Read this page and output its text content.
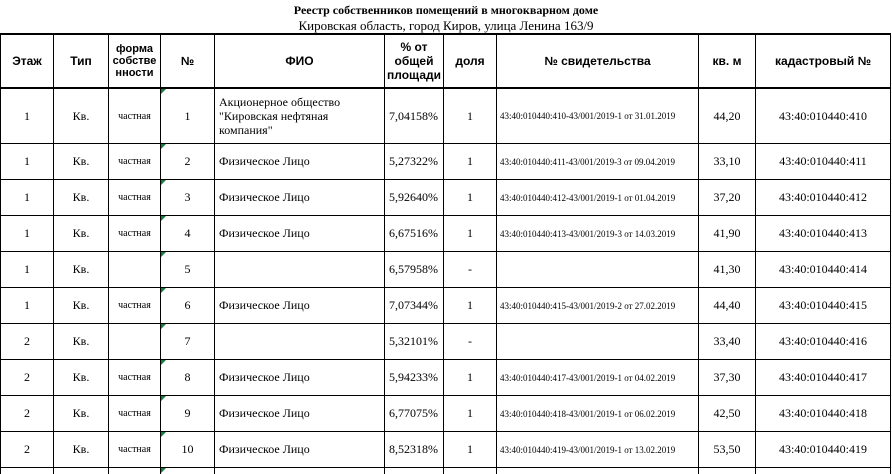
Реестр собственников помещений в многокварном доме
Кировская область, город Киров, улица Ленина 163/9
Этаж	Тип	форма собстве нности	№	ФИО	% от общей площади	доля	№ свидетельства	кв. м	кадастровый №
1	Кв.	частная	1	Акционерное общество "Кировская нефтяная компания"	7,04158%	1	43:40:010440:410-43/001/2019-1 от 31.01.2019	44,20	43:40:010440:410
1	Кв.	частная	2	Физическое Лицо	5,27322%	1	43:40:010440:411-43/001/2019-3 от 09.04.2019	33,10	43:40:010440:411
1	Кв.	частная	3	Физическое Лицо	5,92640%	1	43:40:010440:412-43/001/2019-1 от 01.04.2019	37,20	43:40:010440:412
1	Кв.	частная	4	Физическое Лицо	6,67516%	1	43:40:010440:413-43/001/2019-3 от 14.03.2019	41,90	43:40:010440:413
1	Кв.		5		6,57958%	-		41,30	43:40:010440:414
1	Кв.	частная	6	Физическое Лицо	7,07344%	1	43:40:010440:415-43/001/2019-2 от 27.02.2019	44,40	43:40:010440:415
2	Кв.		7		5,32101%	-		33,40	43:40:010440:416
2	Кв.	частная	8	Физическое Лицо	5,94233%	1	43:40:010440:417-43/001/2019-1 от 04.02.2019	37,30	43:40:010440:417
2	Кв.	частная	9	Физическое Лицо	6,77075%	1	43:40:010440:418-43/001/2019-1 от 06.02.2019	42,50	43:40:010440:418
2	Кв.	частная	10	Физическое Лицо	8,52318%	1	43:40:010440:419-43/001/2019-1 от 13.02.2019	53,50	43:40:010440:419
